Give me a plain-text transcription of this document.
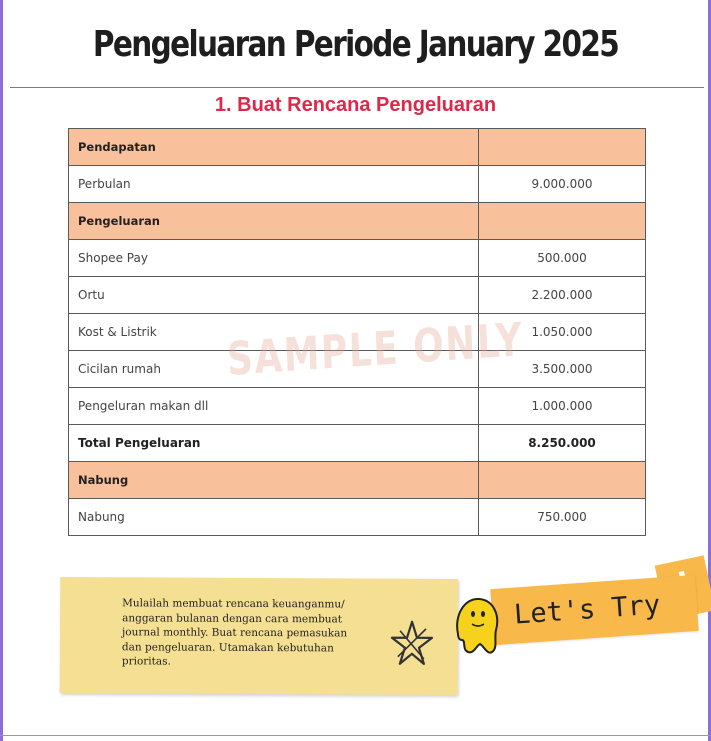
Pengeluaran Periode January 2025
1. Buat Rencana Pengeluaran
Pendapatan	
Perbulan	9.000.000
Pengeluaran	
Shopee Pay	500.000
Ortu	2.200.000
Kost & Listrik	1.050.000
Cicilan rumah	3.500.000
Pengeluran makan dll	1.000.000
Total Pengeluaran	8.250.000
Nabung	
Nabung	750.000
SAMPLE ONLY
Mulailah membuat rencana keuanganmu/
anggaran bulanan dengan cara membuat
journal monthly. Buat rencana pemasukan
dan pengeluaran. Utamakan kebutuhan
prioritas.
Let's Try
